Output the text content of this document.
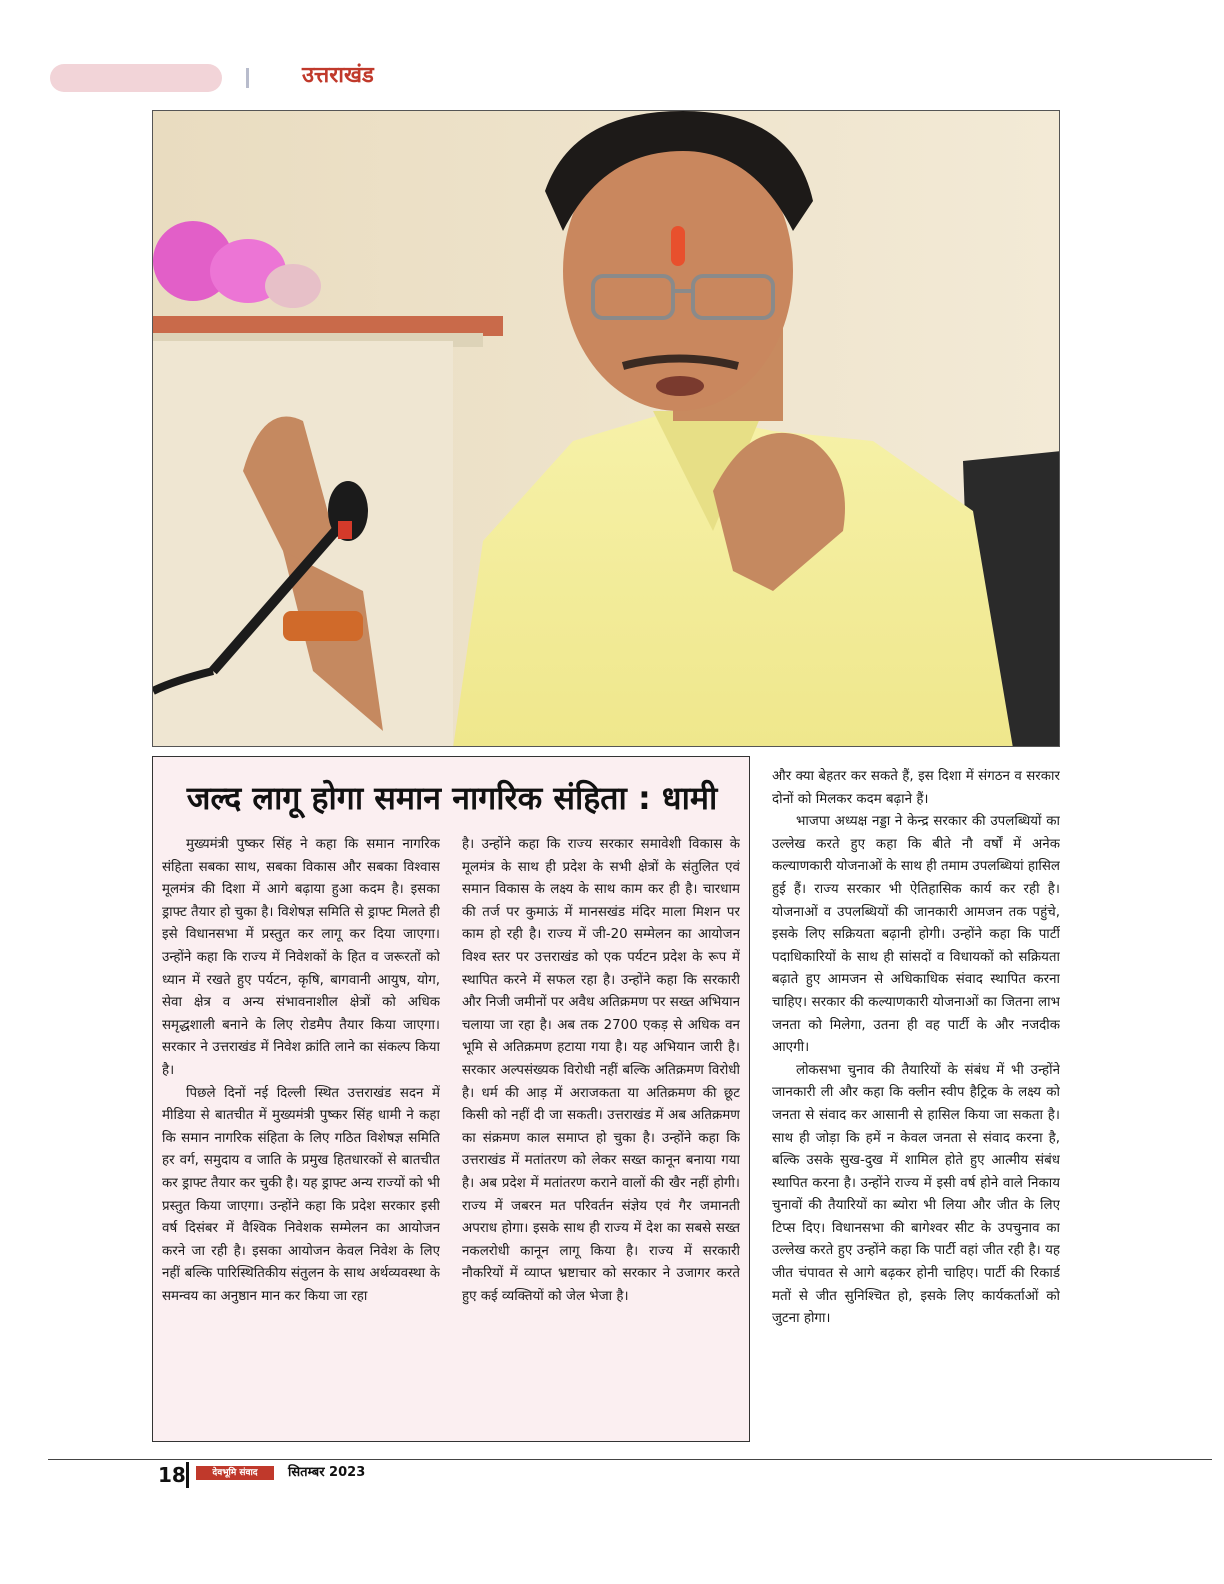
उत्तराखंड
जल्द लागू होगा समान नागरिक संहिता : धामी

मुख्यमंत्री पुष्कर सिंह ने कहा कि समान नागरिक संहिता सबका साथ, सबका विकास और सबका विश्वास मूलमंत्र की दिशा में आगे बढ़ाया हुआ कदम है। इसका ड्राफ्ट तैयार हो चुका है। विशेषज्ञ समिति से ड्राफ्ट मिलते ही इसे विधानसभा में प्रस्तुत कर लागू कर दिया जाएगा। उन्होंने कहा कि राज्य में निवेशकों के हित व जरूरतों को ध्यान में रखते हुए पर्यटन, कृषि, बागवानी आयुष, योग, सेवा क्षेत्र व अन्य संभावनाशील क्षेत्रों को अधिक समृद्धशाली बनाने के लिए रोडमैप तैयार किया जाएगा। सरकार ने उत्तराखंड में निवेश क्रांति लाने का संकल्प किया है।

पिछले दिनों नई दिल्ली स्थित उत्तराखंड सदन में मीडिया से बातचीत में मुख्यमंत्री पुष्कर सिंह धामी ने कहा कि समान नागरिक संहिता के लिए गठित विशेषज्ञ समिति हर वर्ग, समुदाय व जाति के प्रमुख हितधारकों से बातचीत कर ड्राफ्ट तैयार कर चुकी है। यह ड्राफ्ट अन्य राज्यों को भी प्रस्तुत किया जाएगा। उन्होंने कहा कि प्रदेश सरकार इसी वर्ष दिसंबर में वैश्विक निवेशक सम्मेलन का आयोजन करने जा रही है। इसका आयोजन केवल निवेश के लिए नहीं बल्कि पारिस्थितिकीय संतुलन के साथ अर्थव्यवस्था के समन्वय का अनुष्ठान मान कर किया जा रहा

है। उन्होंने कहा कि राज्य सरकार समावेशी विकास के मूलमंत्र के साथ ही प्रदेश के सभी क्षेत्रों के संतुलित एवं समान विकास के लक्ष्य के साथ काम कर ही है। चारधाम की तर्ज पर कुमाऊं में मानसखंड मंदिर माला मिशन पर काम हो रही है। राज्य में जी-20 सम्मेलन का आयोजन विश्व स्तर पर उत्तराखंड को एक पर्यटन प्रदेश के रूप में स्थापित करने में सफल रहा है। उन्होंने कहा कि सरकारी और निजी जमीनों पर अवैध अतिक्रमण पर सख्त अभियान चलाया जा रहा है। अब तक 2700 एकड़ से अधिक वन भूमि से अतिक्रमण हटाया गया है। यह अभियान जारी है। सरकार अल्पसंख्यक विरोधी नहीं बल्कि अतिक्रमण विरोधी है। धर्म की आड़ में अराजकता या अतिक्रमण की छूट किसी को नहीं दी जा सकती। उत्तराखंड में अब अतिक्रमण का संक्रमण काल समाप्त हो चुका है। उन्होंने कहा कि उत्तराखंड में मतांतरण को लेकर सख्त कानून बनाया गया है। अब प्रदेश में मतांतरण कराने वालों की खैर नहीं होगी। राज्य में जबरन मत परिवर्तन संज्ञेय एवं गैर जमानती अपराध होगा। इसके साथ ही राज्य में देश का सबसे सख्त नकलरोधी कानून लागू किया है। राज्य में सरकारी नौकरियों में व्याप्त भ्रष्टाचार को सरकार ने उजागर करते हुए कई व्यक्तियों को जेल भेजा है।

और क्या बेहतर कर सकते हैं, इस दिशा में संगठन व सरकार दोनों को मिलकर कदम बढ़ाने हैं।

भाजपा अध्यक्ष नड्डा ने केन्द्र सरकार की उपलब्धियों का उल्लेख करते हुए कहा कि बीते नौ वर्षों में अनेक कल्याणकारी योजनाओं के साथ ही तमाम उपलब्धियां हासिल हुई हैं। राज्य सरकार भी ऐतिहासिक कार्य कर रही है। योजनाओं व उपलब्धियों की जानकारी आमजन तक पहुंचे, इसके लिए सक्रियता बढ़ानी होगी। उन्होंने कहा कि पार्टी पदाधिकारियों के साथ ही सांसदों व विधायकों को सक्रियता बढ़ाते हुए आमजन से अधिकाधिक संवाद स्थापित करना चाहिए। सरकार की कल्याणकारी योजनाओं का जितना लाभ जनता को मिलेगा, उतना ही वह पार्टी के और नजदीक आएगी।

लोकसभा चुनाव की तैयारियों के संबंध में भी उन्होंने जानकारी ली और कहा कि क्लीन स्वीप हैट्रिक के लक्ष्य को जनता से संवाद कर आसानी से हासिल किया जा सकता है। साथ ही जोड़ा कि हमें न केवल जनता से संवाद करना है, बल्कि उसके सुख-दुख में शामिल होते हुए आत्मीय संबंध स्थापित करना है। उन्होंने राज्य में इसी वर्ष होने वाले निकाय चुनावों की तैयारियों का ब्योरा भी लिया और जीत के लिए टिप्स दिए। विधानसभा की बागेश्वर सीट के उपचुनाव का उल्लेख करते हुए उन्होंने कहा कि पार्टी वहां जीत रही है। यह जीत चंपावत से आगे बढ़कर होनी चाहिए। पार्टी की रिकार्ड मतों से जीत सुनिश्चित हो, इसके लिए कार्यकर्ताओं को जुटना होगा।

18	देवभूमि संवाद	सितम्बर 2023
